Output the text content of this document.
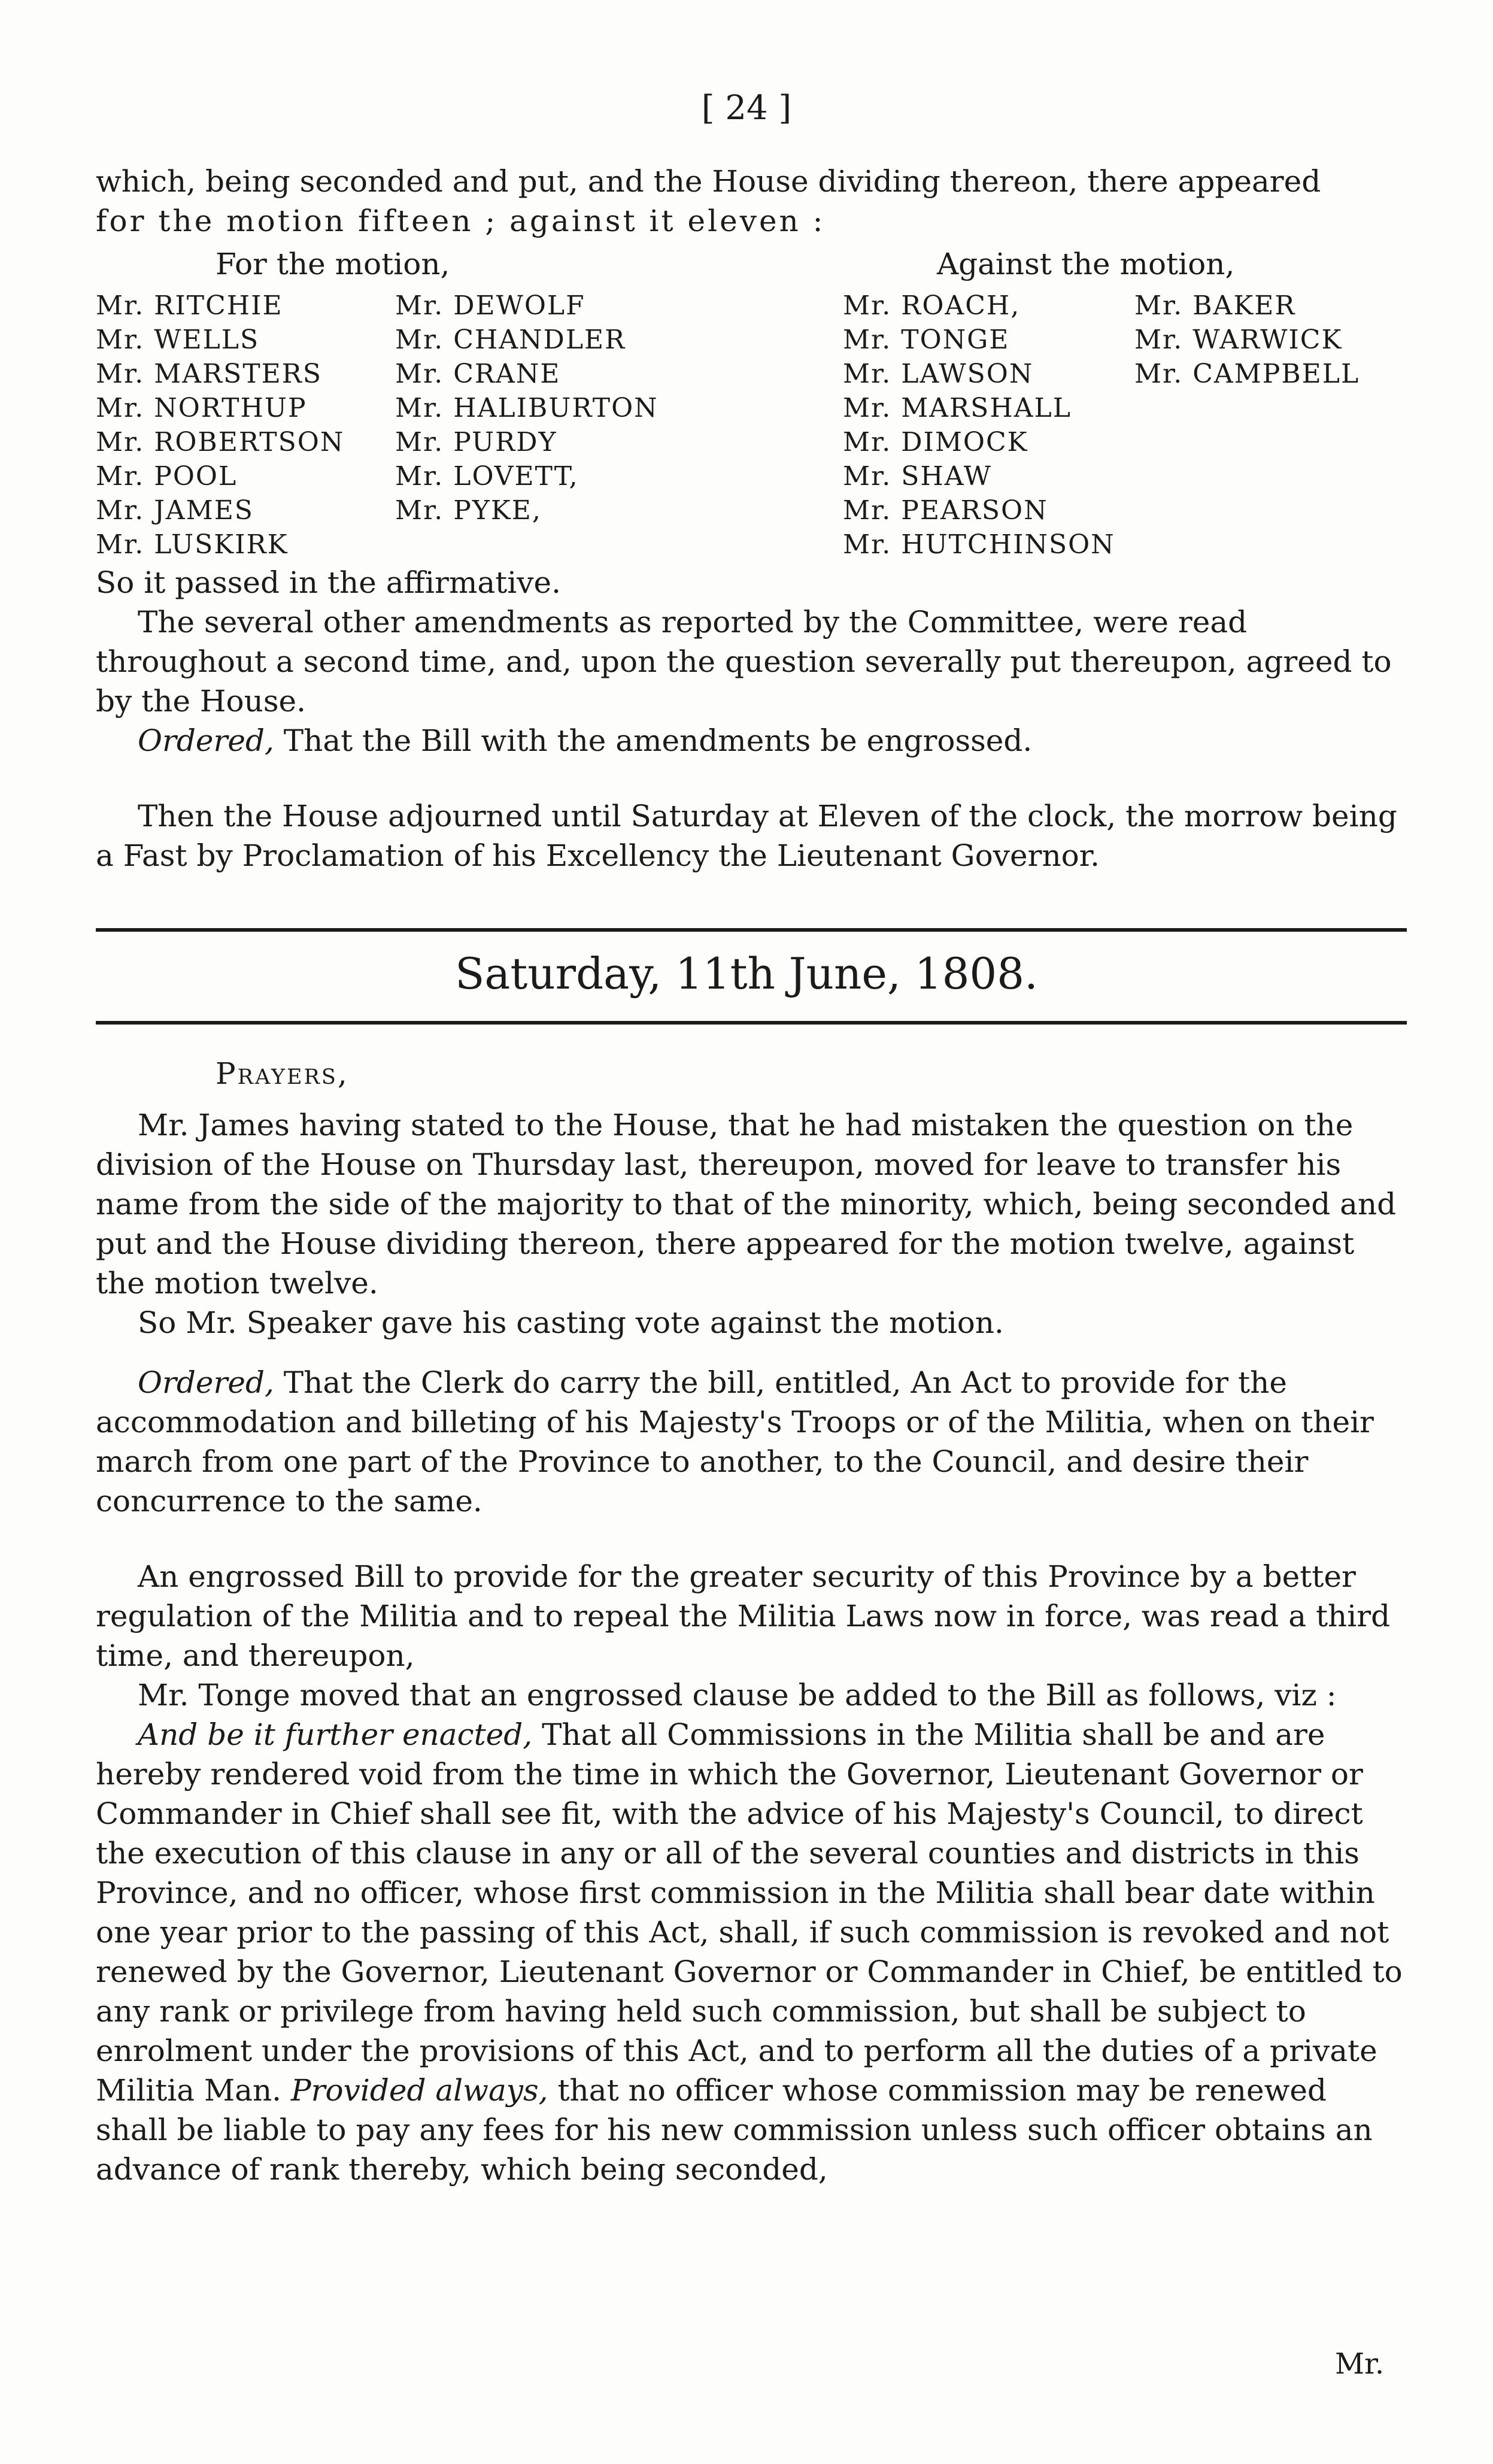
[ 24 ]

which, being seconded and put, and the House dividing thereon, there appeared

for the motion fifteen ; against it eleven :

For the motion,	Against the motion,
Mr. RITCHIE
Mr. WELLS
Mr. MARSTERS
Mr. NORTHUP
Mr. ROBERTSON
Mr. POOL
Mr. JAMES
Mr. LUSKIRK
Mr. DEWOLF
Mr. CHANDLER
Mr. CRANE
Mr. HALIBURTON
Mr. PURDY
Mr. LOVETT,
Mr. PYKE,
Mr. ROACH,
Mr. TONGE
Mr. LAWSON
Mr. MARSHALL
Mr. DIMOCK
Mr. SHAW
Mr. PEARSON
Mr. HUTCHINSON
Mr. BAKER
Mr. WARWICK
Mr. CAMPBELL

So it passed in the affirmative.

The several other amendments as reported by the Committee, were read throughout a second time, and, upon the question severally put thereupon, agreed to by the House.

Ordered, That the Bill with the amendments be engrossed.

Then the House adjourned until Saturday at Eleven of the clock, the morrow being a Fast by Proclamation of his Excellency the Lieutenant Governor.

Saturday, 11th June, 1808.

Prayers,

Mr. James having stated to the House, that he had mistaken the question on the division of the House on Thursday last, thereupon, moved for leave to transfer his name from the side of the majority to that of the minority, which, being seconded and put and the House dividing thereon, there appeared for the motion twelve, against the motion twelve.

So Mr. Speaker gave his casting vote against the motion.

Ordered, That the Clerk do carry the bill, entitled, An Act to provide for the accommodation and billeting of his Majesty's Troops or of the Militia, when on their march from one part of the Province to another, to the Council, and desire their concurrence to the same.

An engrossed Bill to provide for the greater security of this Province by a better regulation of the Militia and to repeal the Militia Laws now in force, was read a third time, and thereupon,

Mr. Tonge moved that an engrossed clause be added to the Bill as follows, viz :

And be it further enacted, That all Commissions in the Militia shall be and are hereby rendered void from the time in which the Governor, Lieutenant Governor or Commander in Chief shall see fit, with the advice of his Majesty's Council, to direct the execution of this clause in any or all of the several counties and districts in this Province, and no officer, whose first commission in the Militia shall bear date within one year prior to the passing of this Act, shall, if such commission is revoked and not renewed by the Governor, Lieutenant Governor or Commander in Chief, be entitled to any rank or privilege from having held such commission, but shall be subject to enrolment under the provisions of this Act, and to perform all the duties of a private Militia Man. Provided always, that no officer whose commission may be renewed shall be liable to pay any fees for his new commission unless such officer obtains an advance of rank thereby, which being seconded,

Mr.
